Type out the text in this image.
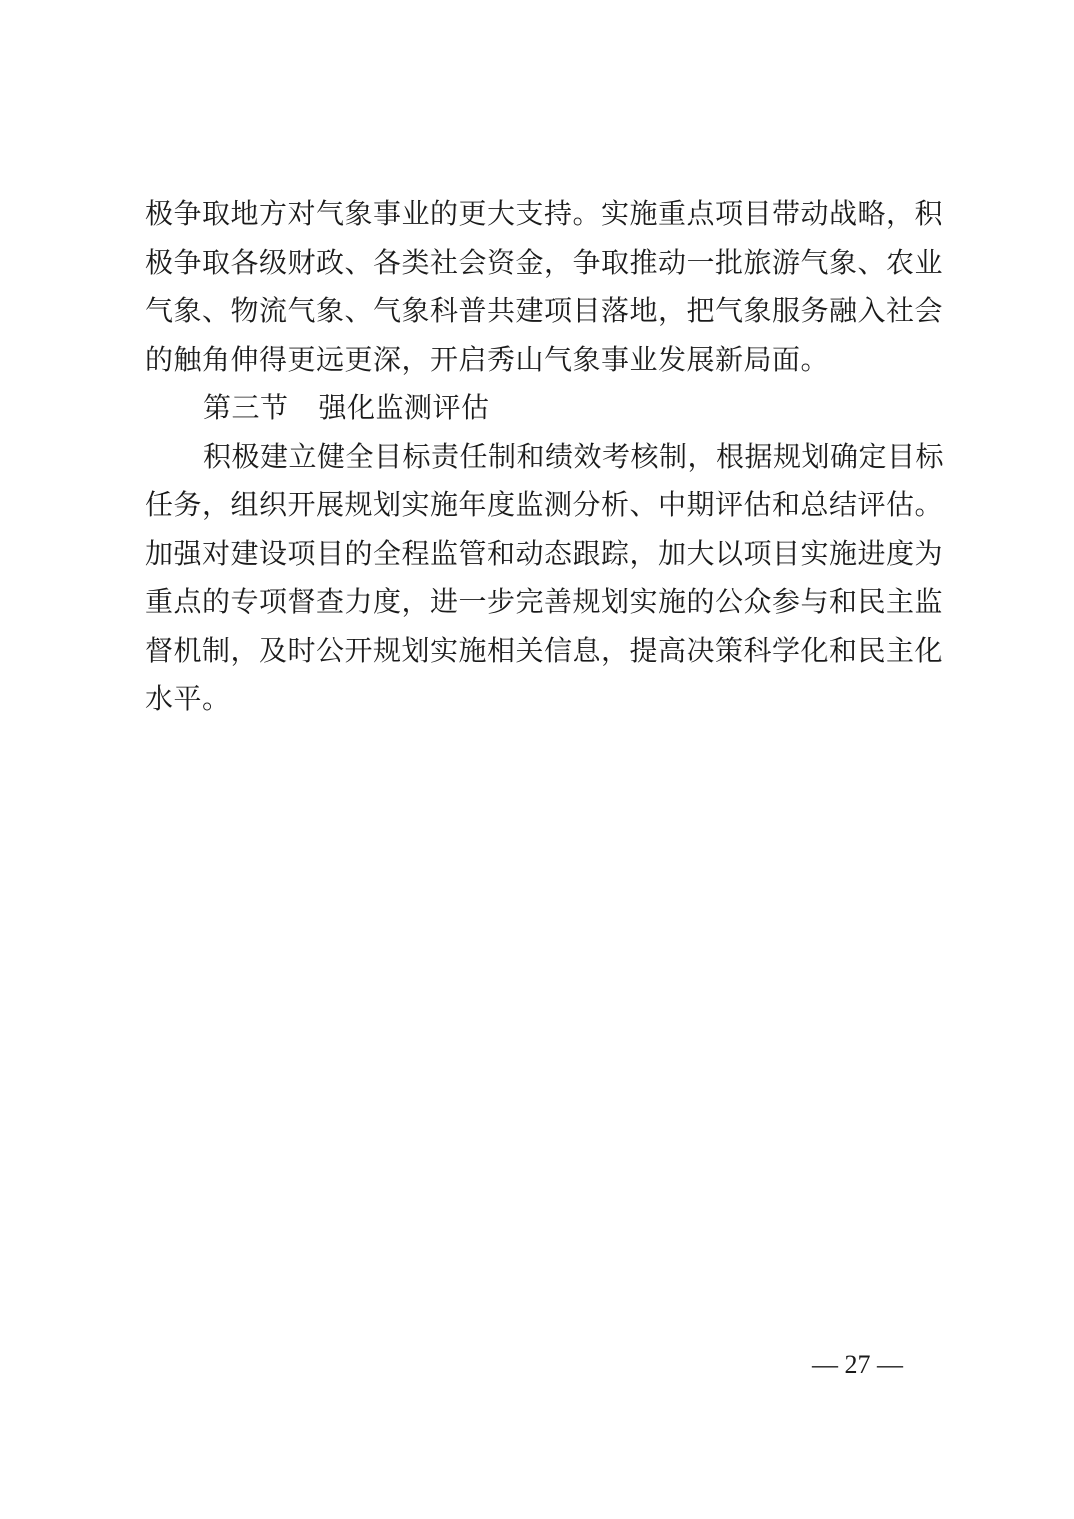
极争取地方对气象事业的更大支持。实施重点项目带动战略，积
极争取各级财政、各类社会资金，争取推动一批旅游气象、农业
气象、物流气象、气象科普共建项目落地，把气象服务融入社会
的触角伸得更远更深，开启秀山气象事业发展新局面。
第三节 强化监测评估
积极建立健全目标责任制和绩效考核制，根据规划确定目标
任务，组织开展规划实施年度监测分析、中期评估和总结评估。
加强对建设项目的全程监管和动态跟踪，加大以项目实施进度为
重点的专项督查力度，进一步完善规划实施的公众参与和民主监
督机制，及时公开规划实施相关信息，提高决策科学化和民主化
水平。
— 27 —
